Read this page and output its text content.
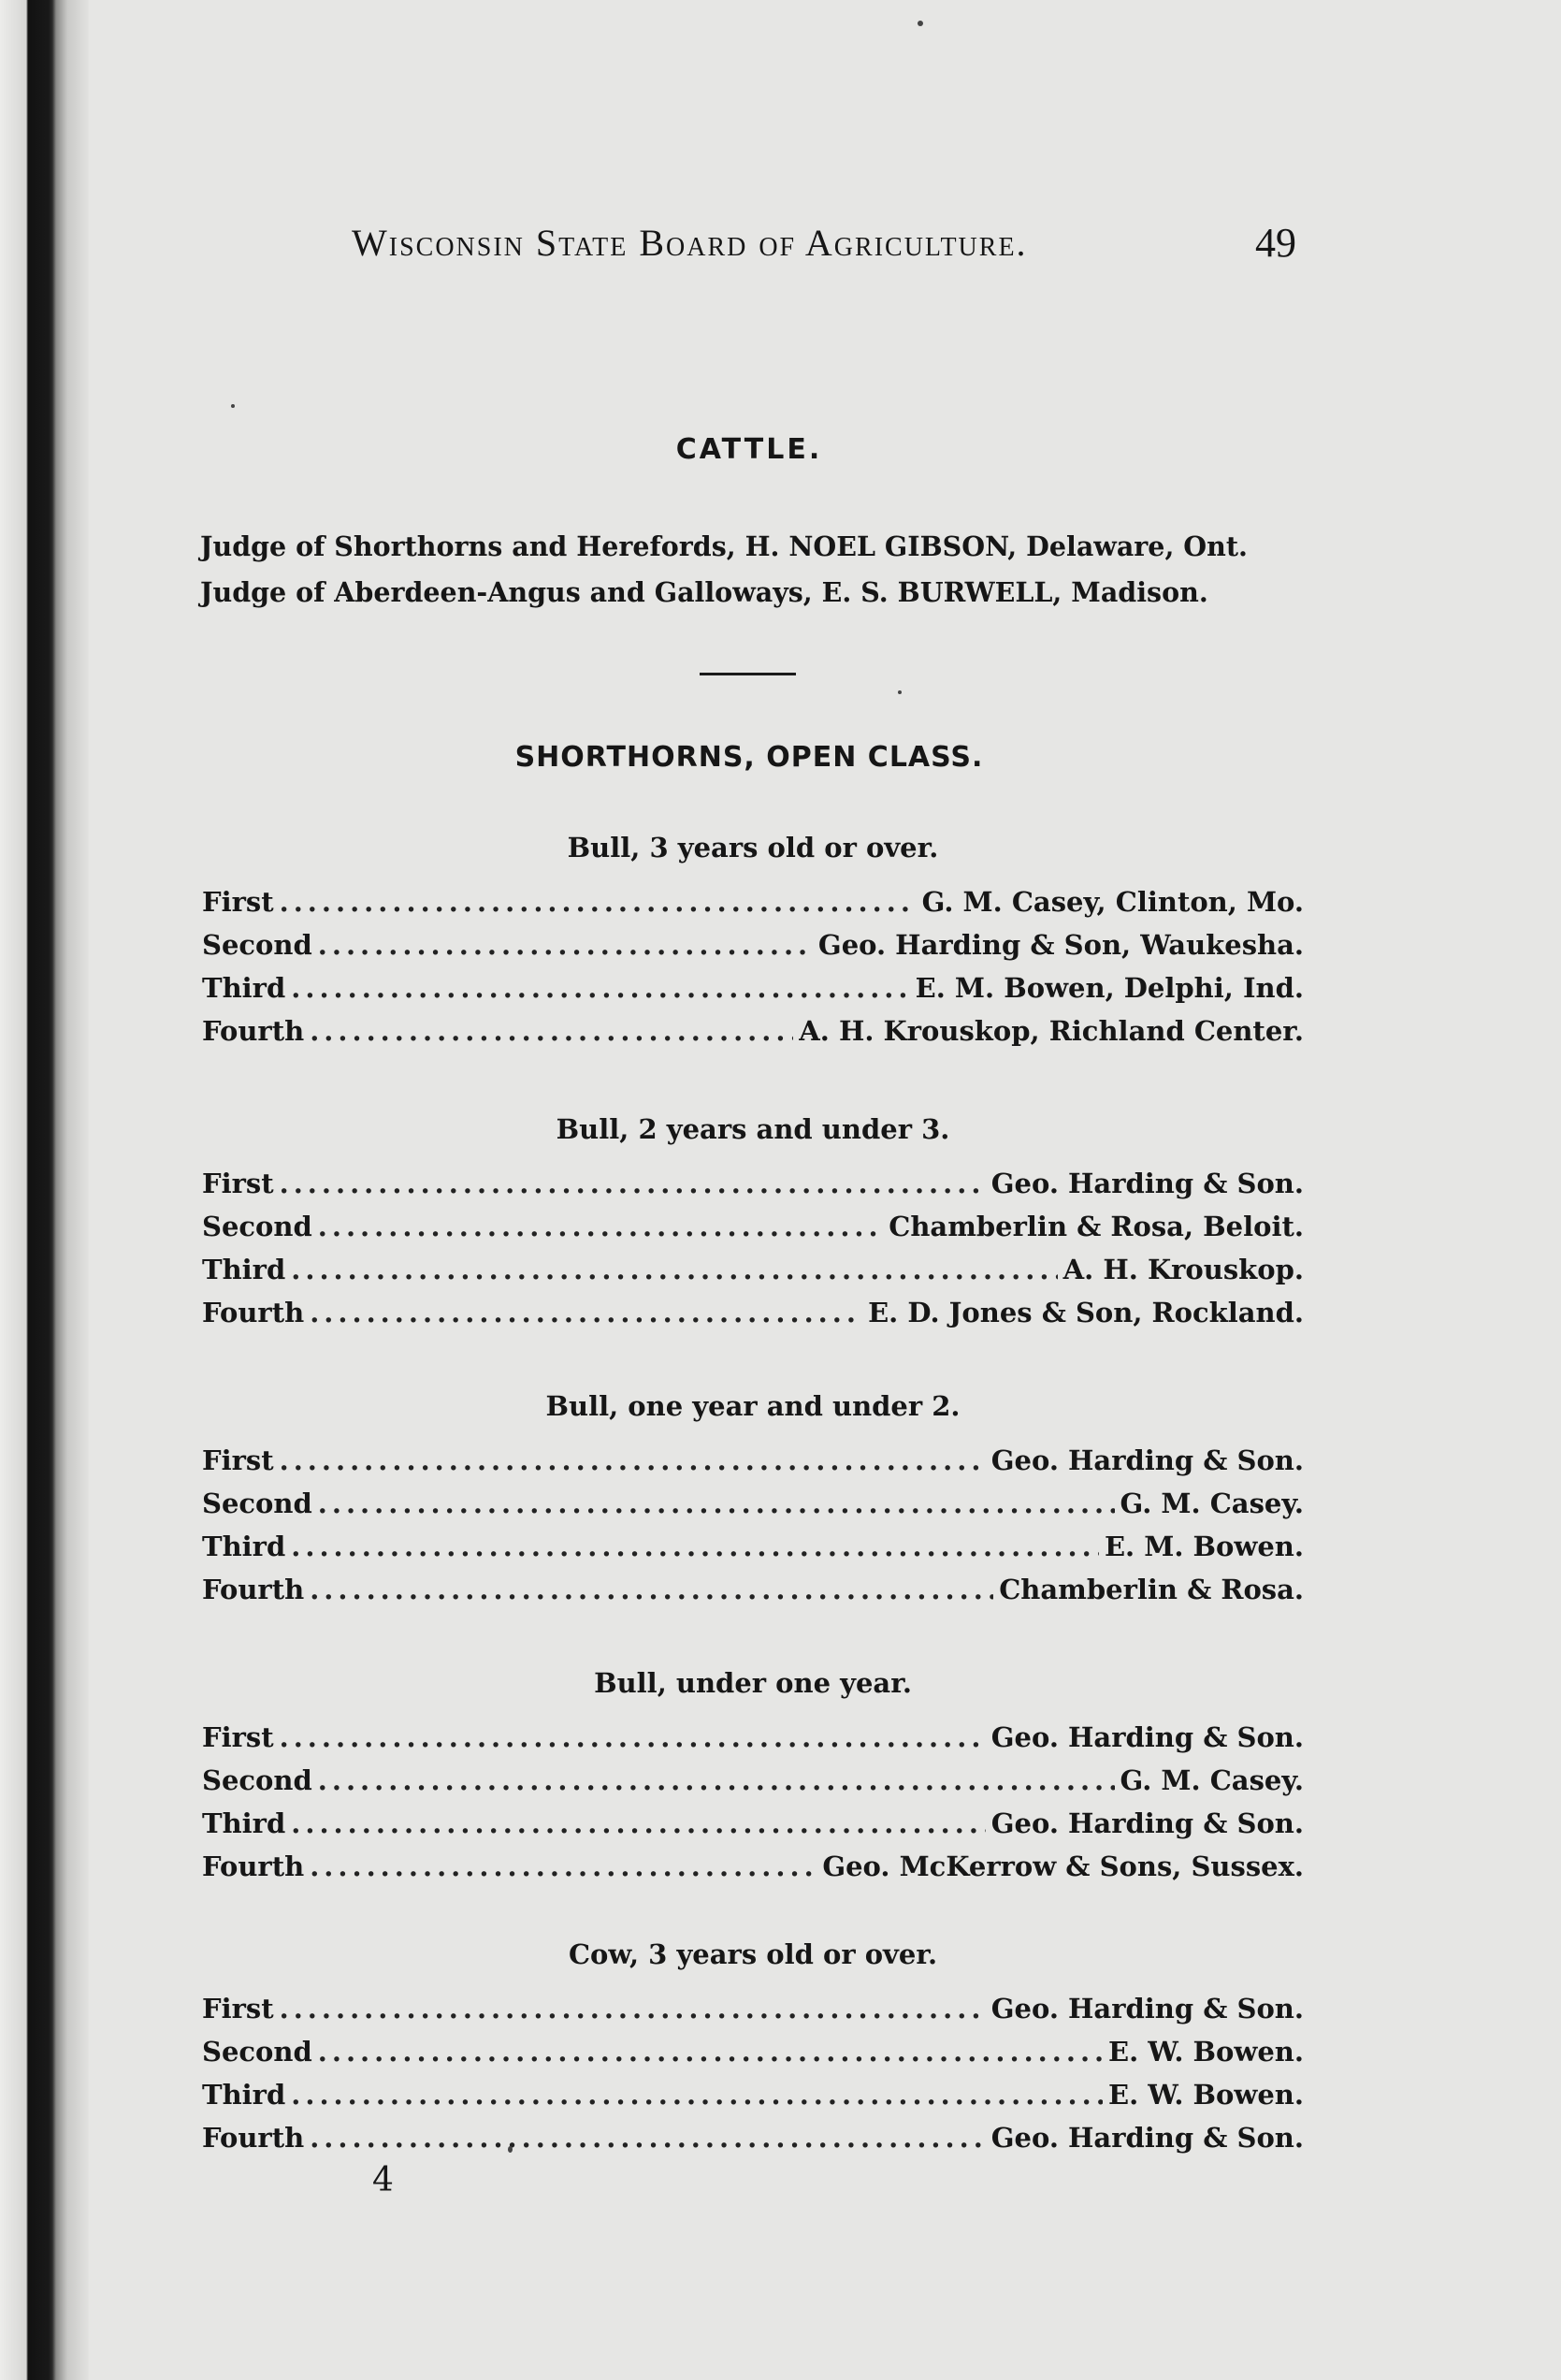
Wisconsin State Board of Agriculture.	49
CATTLE.
Judge of Shorthorns and Herefords, H. NOEL GIBSON, Delaware, Ont.
Judge of Aberdeen-Angus and Galloways, E. S. BURWELL, Madison.
SHORTHORNS, OPEN CLASS.
Bull, 3 years old or over.
First .....	G. M. Casey, Clinton, Mo.
Second .....	Geo. Harding & Son, Waukesha.
Third .....	E. M. Bowen, Delphi, Ind.
Fourth .....	A. H. Krouskop, Richland Center.
Bull, 2 years and under 3.
First .....	Geo. Harding & Son.
Second .....	Chamberlin & Rosa, Beloit.
Third .....	A. H. Krouskop.
Fourth .....	E. D. Jones & Son, Rockland.
Bull, one year and under 2.
First .....	Geo. Harding & Son.
Second .....	G. M. Casey.
Third .....	E. M. Bowen.
Fourth .....	Chamberlin & Rosa.
Bull, under one year.
First .....	Geo. Harding & Son.
Second .....	G. M. Casey.
Third .....	Geo. Harding & Son.
Fourth .....	Geo. McKerrow & Sons, Sussex.
Cow, 3 years old or over.
First .....	Geo. Harding & Son.
Second .....	E. W. Bowen.
Third .....	E. W. Bowen.
Fourth .....	Geo. Harding & Son.
4
